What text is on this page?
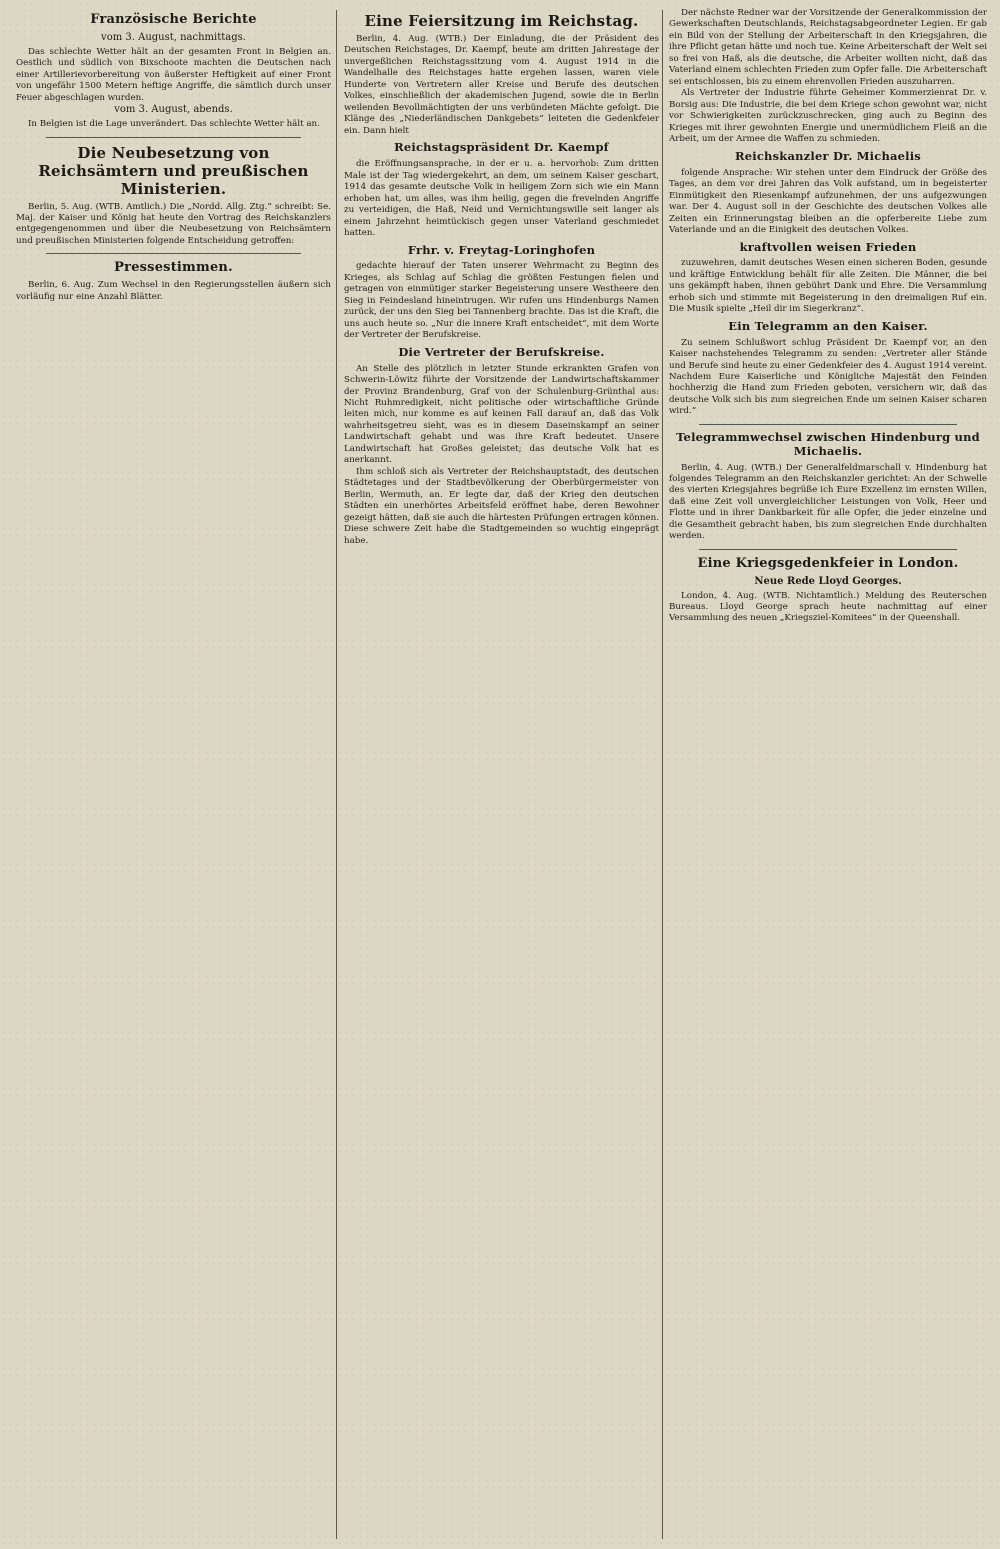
Französische Berichte
vom 3. August, nachmittags.

Das schlechte Wetter hält an der gesamten Front in Belgien an. Oestlich und südlich von Bixschoote machten die Deutschen nach einer Artillerievorbereitung von äußerster Heftigkeit auf einer Front von ungefähr 1500 Metern heftige Angriffe, die sämtlich durch unser Feuer abgeschlagen wurden.

vom 3. August, abends.

In Belgien ist die Lage unverändert. Das schlechte Wetter hält an.

Die Neubesetzung von Reichsämtern und preußischen Ministerien.

Berlin, 5. Aug. (WTB. Amtlich.) Die „Nordd. Allg. Ztg.“ schreibt: Se. Maj. der Kaiser und König hat heute den Vortrag des Reichskanzlers entgegengenommen und über die Neubesetzung von Reichsämtern und preußischen Ministerien folgende Entscheidung getroffen:

Pressestimmen.

Berlin, 6. Aug. Zum Wechsel in den Regierungsstellen äußern sich vorläufig nur eine Anzahl Blätter.

Eine Feiersitzung im Reichstag.

Berlin, 4. Aug. (WTB.) Der Einladung, die der Präsident des Deutschen Reichstages, Dr. Kaempf, heute am dritten Jahrestage der unvergeßlichen Reichstagssitzung vom 4. August 1914 in die Wandelhalle des Reichstages hatte ergehen lassen, waren viele Hunderte von Vertretern aller Kreise und Berufe des deutschen Volkes, einschließlich der akademischen Jugend, sowie die in Berlin weilenden Bevollmächtigten der uns verbündeten Mächte gefolgt. Die Klänge des „Niederländischen Dankgebets“ leiteten die Gedenkfeier ein. Dann hielt

Reichstagspräsident Dr. Kaempf

die Eröffnungsansprache, in der er u. a. hervorhob: Zum dritten Male ist der Tag wiedergekehrt, an dem, um seinem Kaiser geschart, 1914 das gesamte deutsche Volk in heiligem Zorn sich wie ein Mann erhoben hat, um alles, was ihm heilig, gegen die frevelnden Angriffe zu verteidigen, die Haß, Neid und Vernichtungswille seit langer als einem Jahrzehnt heimtückisch gegen unser Vaterland geschmiedet hatten.

Frhr. v. Freytag-Loringhofen

gedachte hierauf der Taten unserer Wehrmacht zu Beginn des Krieges, als Schlag auf Schlag die größten Festungen fielen und getragen von einmütiger starker Begeisterung unsere Westheere den Sieg in Feindesland hineintrugen. Wir rufen uns Hindenburgs Namen zurück, der uns den Sieg bei Tannenberg brachte. Das ist die Kraft, die uns auch heute so. „Nur die innere Kraft entscheidet“, mit dem Worte der Vertreter der Berufskreise.

Die Vertreter der Berufskreise.

An Stelle des plötzlich in letzter Stunde erkrankten Grafen von Schwerin-Löwitz führte der Vorsitzende der Landwirtschaftskammer der Provinz Brandenburg, Graf von der Schulenburg-Grünthal aus: Nicht Ruhmredigkeit, nicht politische oder wirtschaftliche Gründe leiten mich, nur komme es auf keinen Fall darauf an, daß das Volk wahrheitsgetreu sieht, was es in diesem Daseinskampf an seiner Landwirtschaft gehabt und was ihre Kraft bedeutet. Unsere Landwirtschaft hat Großes geleistet; das deutsche Volk hat es anerkannt.

Ihm schloß sich als Vertreter der Reichshauptstadt, des deutschen Städtetages und der Stadtbevölkerung der Oberbürgermeister von Berlin, Wermuth, an. Er legte dar, daß der Krieg den deutschen Städten ein unerhörtes Arbeitsfeld eröffnet habe, deren Bewohner gezeigt hätten, daß sie auch die härtesten Prüfungen ertragen können. Diese schwere Zeit habe die Stadtgemeinden so wuchtig eingeprägt habe.

Der nächste Redner war der Vorsitzende der Generalkommission der Gewerkschaften Deutschlands, Reichstagsabgeordneter Legien. Er gab ein Bild von der Stellung der Arbeiterschaft in den Kriegsjahren, die ihre Pflicht getan hätte und noch tue. Keine Arbeiterschaft der Welt sei so frei von Haß, als die deutsche, die Arbeiter wollten nicht, daß das Vaterland einem schlechten Frieden zum Opfer falle. Die Arbeiterschaft sei entschlossen, bis zu einem ehrenvollen Frieden auszuharren.

Als Vertreter der Industrie führte Geheimer Kommerzienrat Dr. v. Borsig aus: Die Industrie, die bei dem Kriege schon gewohnt war, nicht vor Schwierigkeiten zurückzuschrecken, ging auch zu Beginn des Krieges mit ihrer gewohnten Energie und unermüdlichem Fleiß an die Arbeit, um der Armee die Waffen zu schmieden.

Reichskanzler Dr. Michaelis

folgende Ansprache: Wir stehen unter dem Eindruck der Größe des Tages, an dem vor drei Jahren das Volk aufstand, um in begeisterter Einmütigkeit den Riesenkampf aufzunehmen, der uns aufgezwungen war. Der 4. August soll in der Geschichte des deutschen Volkes alle Zeiten ein Erinnerungstag bleiben an die opferbereite Liebe zum Vaterlande und an die Einigkeit des deutschen Volkes.

kraftvollen weisen Frieden

zuzuwehren, damit deutsches Wesen einen sicheren Boden, gesunde und kräftige Entwicklung behält für alle Zeiten. Die Männer, die bei uns gekämpft haben, ihnen gebührt Dank und Ehre. Die Versammlung erhob sich und stimmte mit Begeisterung in den dreimaligen Ruf ein. Die Musik spielte „Heil dir im Siegerkranz“.

Ein Telegramm an den Kaiser.

Zu seinem Schlußwort schlug Präsident Dr. Kaempf vor, an den Kaiser nachstehendes Telegramm zu senden: „Vertreter aller Stände und Berufe sind heute zu einer Gedenkfeier des 4. August 1914 vereint. Nachdem Eure Kaiserliche und Königliche Majestät den Feinden hochherzig die Hand zum Frieden geboten, versichern wir, daß das deutsche Volk sich bis zum siegreichen Ende um seinen Kaiser scharen wird.“

Telegrammwechsel zwischen Hindenburg und Michaelis.

Berlin, 4. Aug. (WTB.) Der Generalfeldmarschall v. Hindenburg hat folgendes Telegramm an den Reichskanzler gerichtet: An der Schwelle des vierten Kriegsjahres begrüße ich Eure Exzellenz im ernsten Willen, daß eine Zeit voll unvergleichlicher Leistungen von Volk, Heer und Flotte und in ihrer Dankbarkeit für alle Opfer, die jeder einzelne und die Gesamtheit gebracht haben, bis zum siegreichen Ende durchhalten werden.

Eine Kriegsgedenkfeier in London.
Neue Rede Lloyd Georges.

London, 4. Aug. (WTB. Nichtamtlich.) Meldung des Reuterschen Bureaus. Lloyd George sprach heute nachmittag auf einer Versammlung des neuen „Kriegsziel-Komitees“ in der Queenshall.
